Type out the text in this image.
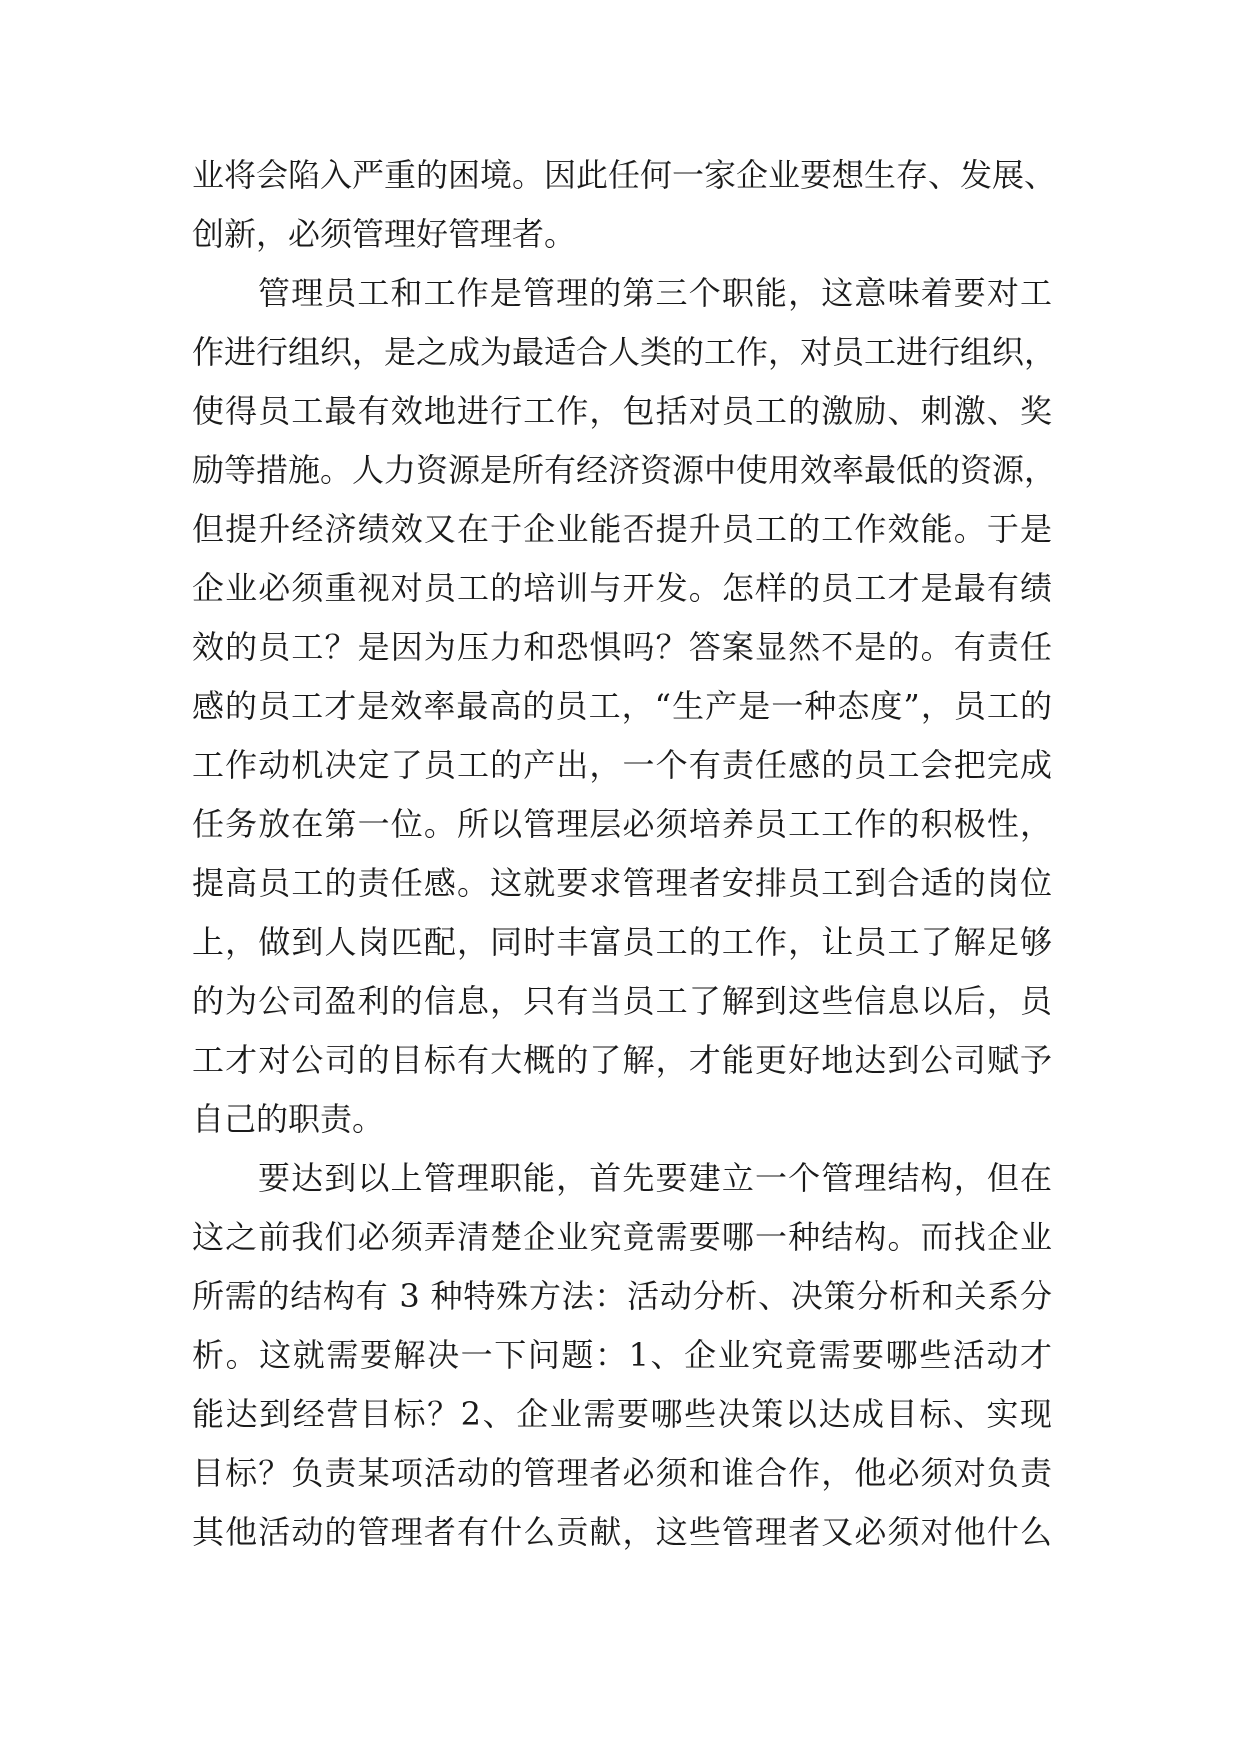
业将会陷入严重的困境。因此任何一家企业要想生存、发展、
创新，必须管理好管理者。
管理员工和工作是管理的第三个职能，这意味着要对工
作进行组织，是之成为最适合人类的工作，对员工进行组织，
使得员工最有效地进行工作，包括对员工的激励、刺激、奖
励等措施。人力资源是所有经济资源中使用效率最低的资源，
但提升经济绩效又在于企业能否提升员工的工作效能。于是
企业必须重视对员工的培训与开发。怎样的员工才是最有绩
效的员工？是因为压力和恐惧吗？答案显然不是的。有责任
感的员工才是效率最高的员工，“生产是一种态度”，员工的
工作动机决定了员工的产出，一个有责任感的员工会把完成
任务放在第一位。所以管理层必须培养员工工作的积极性，
提高员工的责任感。这就要求管理者安排员工到合适的岗位
上，做到人岗匹配，同时丰富员工的工作，让员工了解足够
的为公司盈利的信息，只有当员工了解到这些信息以后，员
工才对公司的目标有大概的了解，才能更好地达到公司赋予
自己的职责。
要达到以上管理职能，首先要建立一个管理结构，但在
这之前我们必须弄清楚企业究竟需要哪一种结构。而找企业
所需的结构有 3 种特殊方法：活动分析、决策分析和关系分
析。这就需要解决一下问题：1、企业究竟需要哪些活动才
能达到经营目标？2、企业需要哪些决策以达成目标、实现
目标？负责某项活动的管理者必须和谁合作，他必须对负责
其他活动的管理者有什么贡献，这些管理者又必须对他什么
